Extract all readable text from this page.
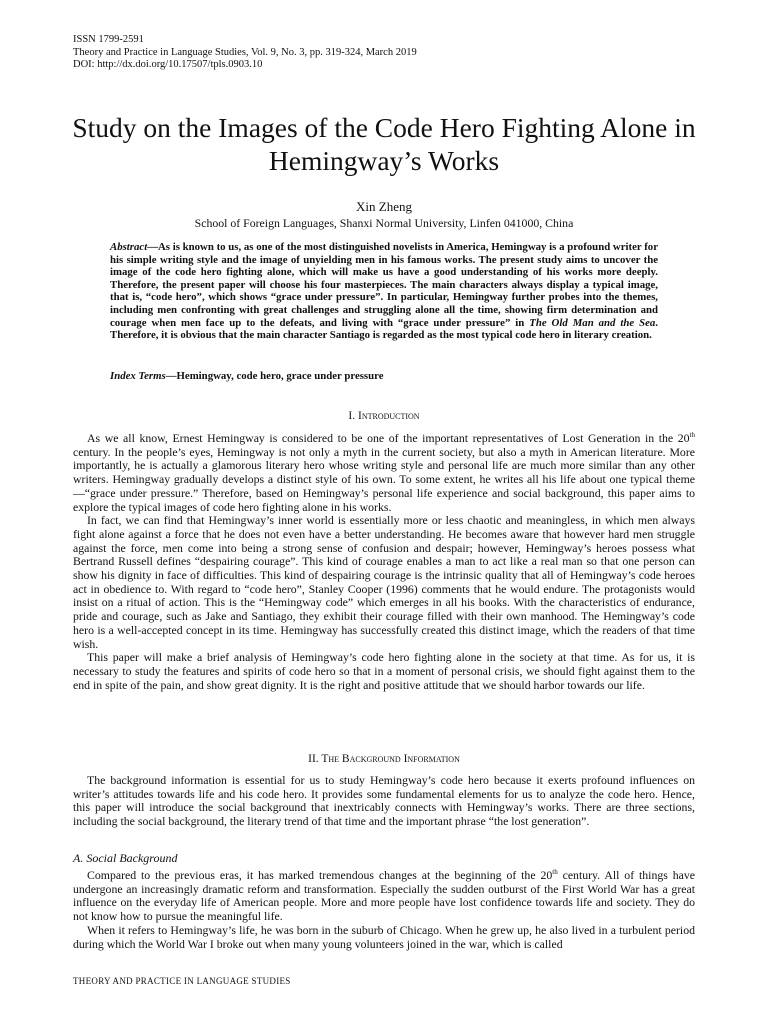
ISSN 1799-2591
Theory and Practice in Language Studies, Vol. 9, No. 3, pp. 319-324, March 2019
DOI: http://dx.doi.org/10.17507/tpls.0903.10
Study on the Images of the Code Hero Fighting Alone in Hemingway’s Works
Xin Zheng
School of Foreign Languages, Shanxi Normal University, Linfen 041000, China
Abstract—As is known to us, as one of the most distinguished novelists in America, Hemingway is a profound writer for his simple writing style and the image of unyielding men in his famous works. The present study aims to uncover the image of the code hero fighting alone, which will make us have a good understanding of his works more deeply. Therefore, the present paper will choose his four masterpieces. The main characters always display a typical image, that is, “code hero”, which shows “grace under pressure”. In particular, Hemingway further probes into the themes, including men confronting with great challenges and struggling alone all the time, showing firm determination and courage when men face up to the defeats, and living with “grace under pressure” in The Old Man and the Sea. Therefore, it is obvious that the main character Santiago is regarded as the most typical code hero in literary creation.
Index Terms—Hemingway, code hero, grace under pressure
I. Introduction

As we all know, Ernest Hemingway is considered to be one of the important representatives of Lost Generation in the 20th century. In the people’s eyes, Hemingway is not only a myth in the current society, but also a myth in American literature. More importantly, he is actually a glamorous literary hero whose writing style and personal life are much more similar than any other writers. Hemingway gradually develops a distinct style of his own. To some extent, he writes all his life about one typical theme—“grace under pressure.” Therefore, based on Hemingway’s personal life experience and social background, this paper aims to explore the typical images of code hero fighting alone in his works.

In fact, we can find that Hemingway’s inner world is essentially more or less chaotic and meaningless, in which men always fight alone against a force that he does not even have a better understanding. He becomes aware that however hard men struggle against the force, men come into being a strong sense of confusion and despair; however, Hemingway’s heroes possess what Bertrand Russell defines “despairing courage”. This kind of courage enables a man to act like a real man so that one person can show his dignity in face of difficulties. This kind of despairing courage is the intrinsic quality that all of Hemingway’s code heroes act in obedience to. With regard to “code hero”, Stanley Cooper (1996) comments that he would endure. The protagonists would insist on a ritual of action. This is the “Hemingway code” which emerges in all his books. With the characteristics of endurance, pride and courage, such as Jake and Santiago, they exhibit their courage filled with their own manhood. The Hemingway’s code hero is a well-accepted concept in its time. Hemingway has successfully created this distinct image, which the readers of that time wish.

This paper will make a brief analysis of Hemingway’s code hero fighting alone in the society at that time. As for us, it is necessary to study the features and spirits of code hero so that in a moment of personal crisis, we should fight against them to the end in spite of the pain, and show great dignity. It is the right and positive attitude that we should harbor towards our life.

II. The Background Information

The background information is essential for us to study Hemingway’s code hero because it exerts profound influences on writer’s attitudes towards life and his code hero. It provides some fundamental elements for us to analyze the code hero. Hence, this paper will introduce the social background that inextricably connects with Hemingway’s works. There are three sections, including the social background, the literary trend of that time and the important phrase “the lost generation”.

A. Social Background

Compared to the previous eras, it has marked tremendous changes at the beginning of the 20th century. All of things have undergone an increasingly dramatic reform and transformation. Especially the sudden outburst of the First World War has a great influence on the everyday life of American people. More and more people have lost confidence towards life and society. They do not know how to pursue the meaningful life.

When it refers to Hemingway’s life, he was born in the suburb of Chicago. When he grew up, he also lived in a turbulent period during which the World War I broke out when many young volunteers joined in the war, which is called

THEORY AND PRACTICE IN LANGUAGE STUDIES
